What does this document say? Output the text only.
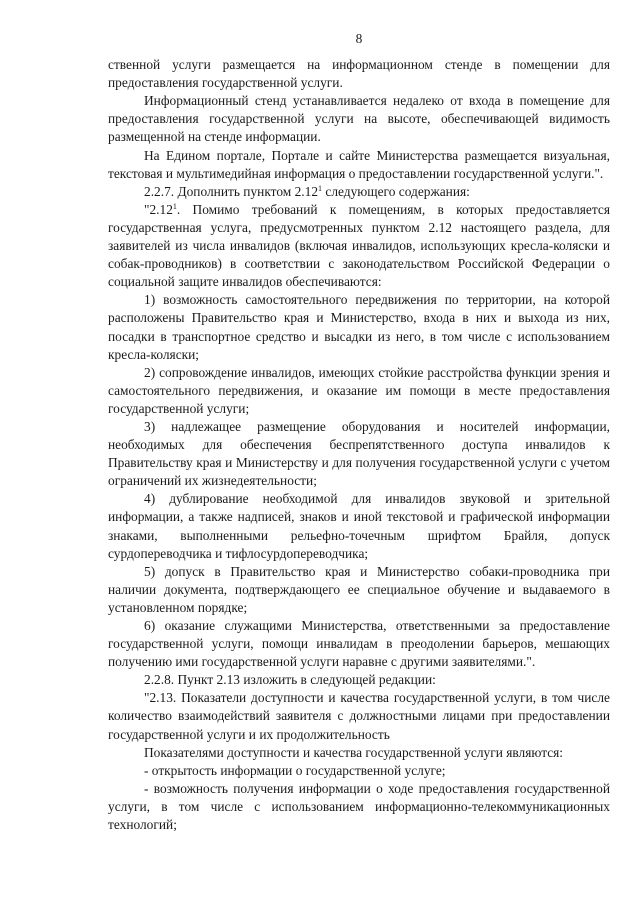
8

ственной услуги размещается на информационном стенде в помещении для предоставления государственной услуги.

Информационный стенд устанавливается недалеко от входа в помещение для предоставления государственной услуги на высоте, обеспечивающей видимость размещенной на стенде информации.

На Едином портале, Портале и сайте Министерства размещается визуальная, текстовая и мультимедийная информация о предоставлении государственной услуги.".

2.2.7. Дополнить пунктом 2.12$^1$ следующего содержания:

"2.12$^1$. Помимо требований к помещениям, в которых предоставляется государственная услуга, предусмотренных пунктом 2.12 настоящего раздела, для заявителей из числа инвалидов (включая инвалидов, использующих кресла-коляски и собак-проводников) в соответствии с законодательством Российской Федерации о социальной защите инвалидов обеспечиваются:

1) возможность самостоятельного передвижения по территории, на которой расположены Правительство края и Министерство, входа в них и выхода из них, посадки в транспортное средство и высадки из него, в том числе с использованием кресла-коляски;

2) сопровождение инвалидов, имеющих стойкие расстройства функции зрения и самостоятельного передвижения, и оказание им помощи в месте предоставления государственной услуги;

3) надлежащее размещение оборудования и носителей информации, необходимых для обеспечения беспрепятственного доступа инвалидов к Правительству края и Министерству и для получения государственной услуги с учетом ограничений их жизнедеятельности;

4) дублирование необходимой для инвалидов звуковой и зрительной информации, а также надписей, знаков и иной текстовой и графической информации знаками, выполненными рельефно-точечным шрифтом Брайля, допуск сурдопереводчика и тифлосурдопереводчика;

5) допуск в Правительство края и Министерство собаки-проводника при наличии документа, подтверждающего ее специальное обучение и выдаваемого в установленном порядке;

6) оказание служащими Министерства, ответственными за предоставление государственной услуги, помощи инвалидам в преодолении барьеров, мешающих получению ими государственной услуги наравне с другими заявителями.".

2.2.8. Пункт 2.13 изложить в следующей редакции:

"2.13. Показатели доступности и качества государственной услуги, в том числе количество взаимодействий заявителя с должностными лицами при предоставлении государственной услуги и их продолжительность

Показателями доступности и качества государственной услуги являются:

- открытость информации о государственной услуге;

- возможность получения информации о ходе предоставления государственной услуги, в том числе с использованием информационно-телекоммуникационных технологий;
